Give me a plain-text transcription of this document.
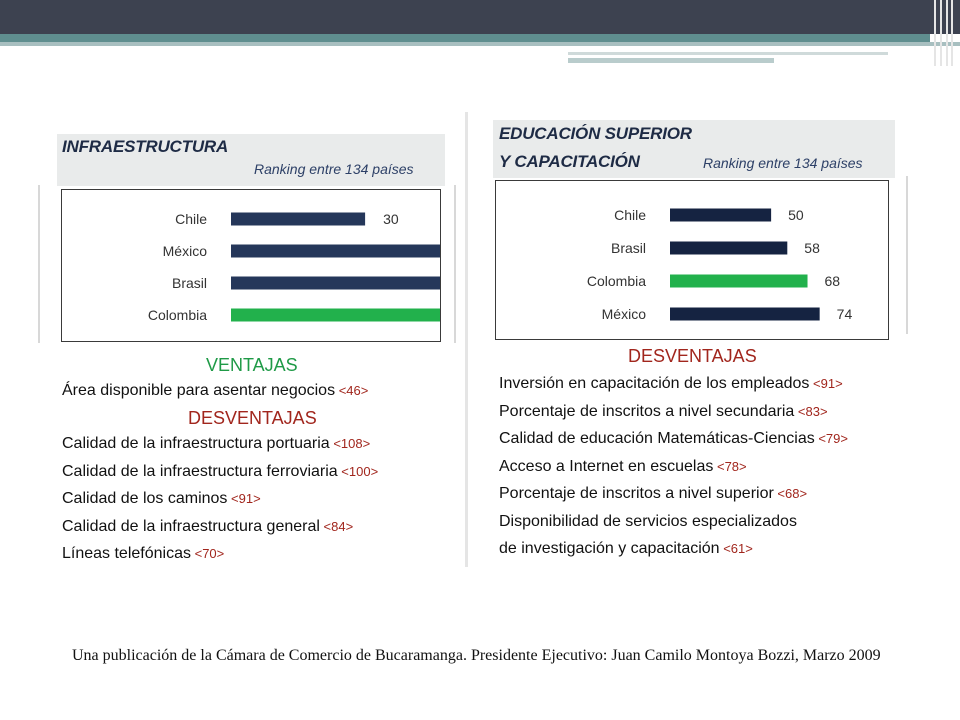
INFRAESTRUCTURA
Ranking entre 134 países
Chile	30
México
Brasil
Colombia
VENTAJAS
Área disponible para asentar negocios <46>
DESVENTAJAS
Calidad de la infraestructura portuaria <108>
Calidad de la infraestructura ferroviaria <100>
Calidad de los caminos <91>
Calidad de la infraestructura general <84>
Líneas telefónicas <70>
EDUCACIÓN SUPERIOR
Y CAPACITACIÓN	Ranking entre 134 países
Chile	50
Brasil	58
Colombia	68
México	74
DESVENTAJAS
Inversión en capacitación de los empleados <91>
Porcentaje de inscritos a nivel secundaria <83>
Calidad de educación Matemáticas-Ciencias <79>
Acceso a Internet en escuelas <78>
Porcentaje de inscritos a nivel superior <68>
Disponibilidad de servicios especializados
de investigación y capacitación <61>
Una publicación de la Cámara de Comercio de Bucaramanga. Presidente Ejecutivo: Juan Camilo Montoya Bozzi, Marzo 2009
